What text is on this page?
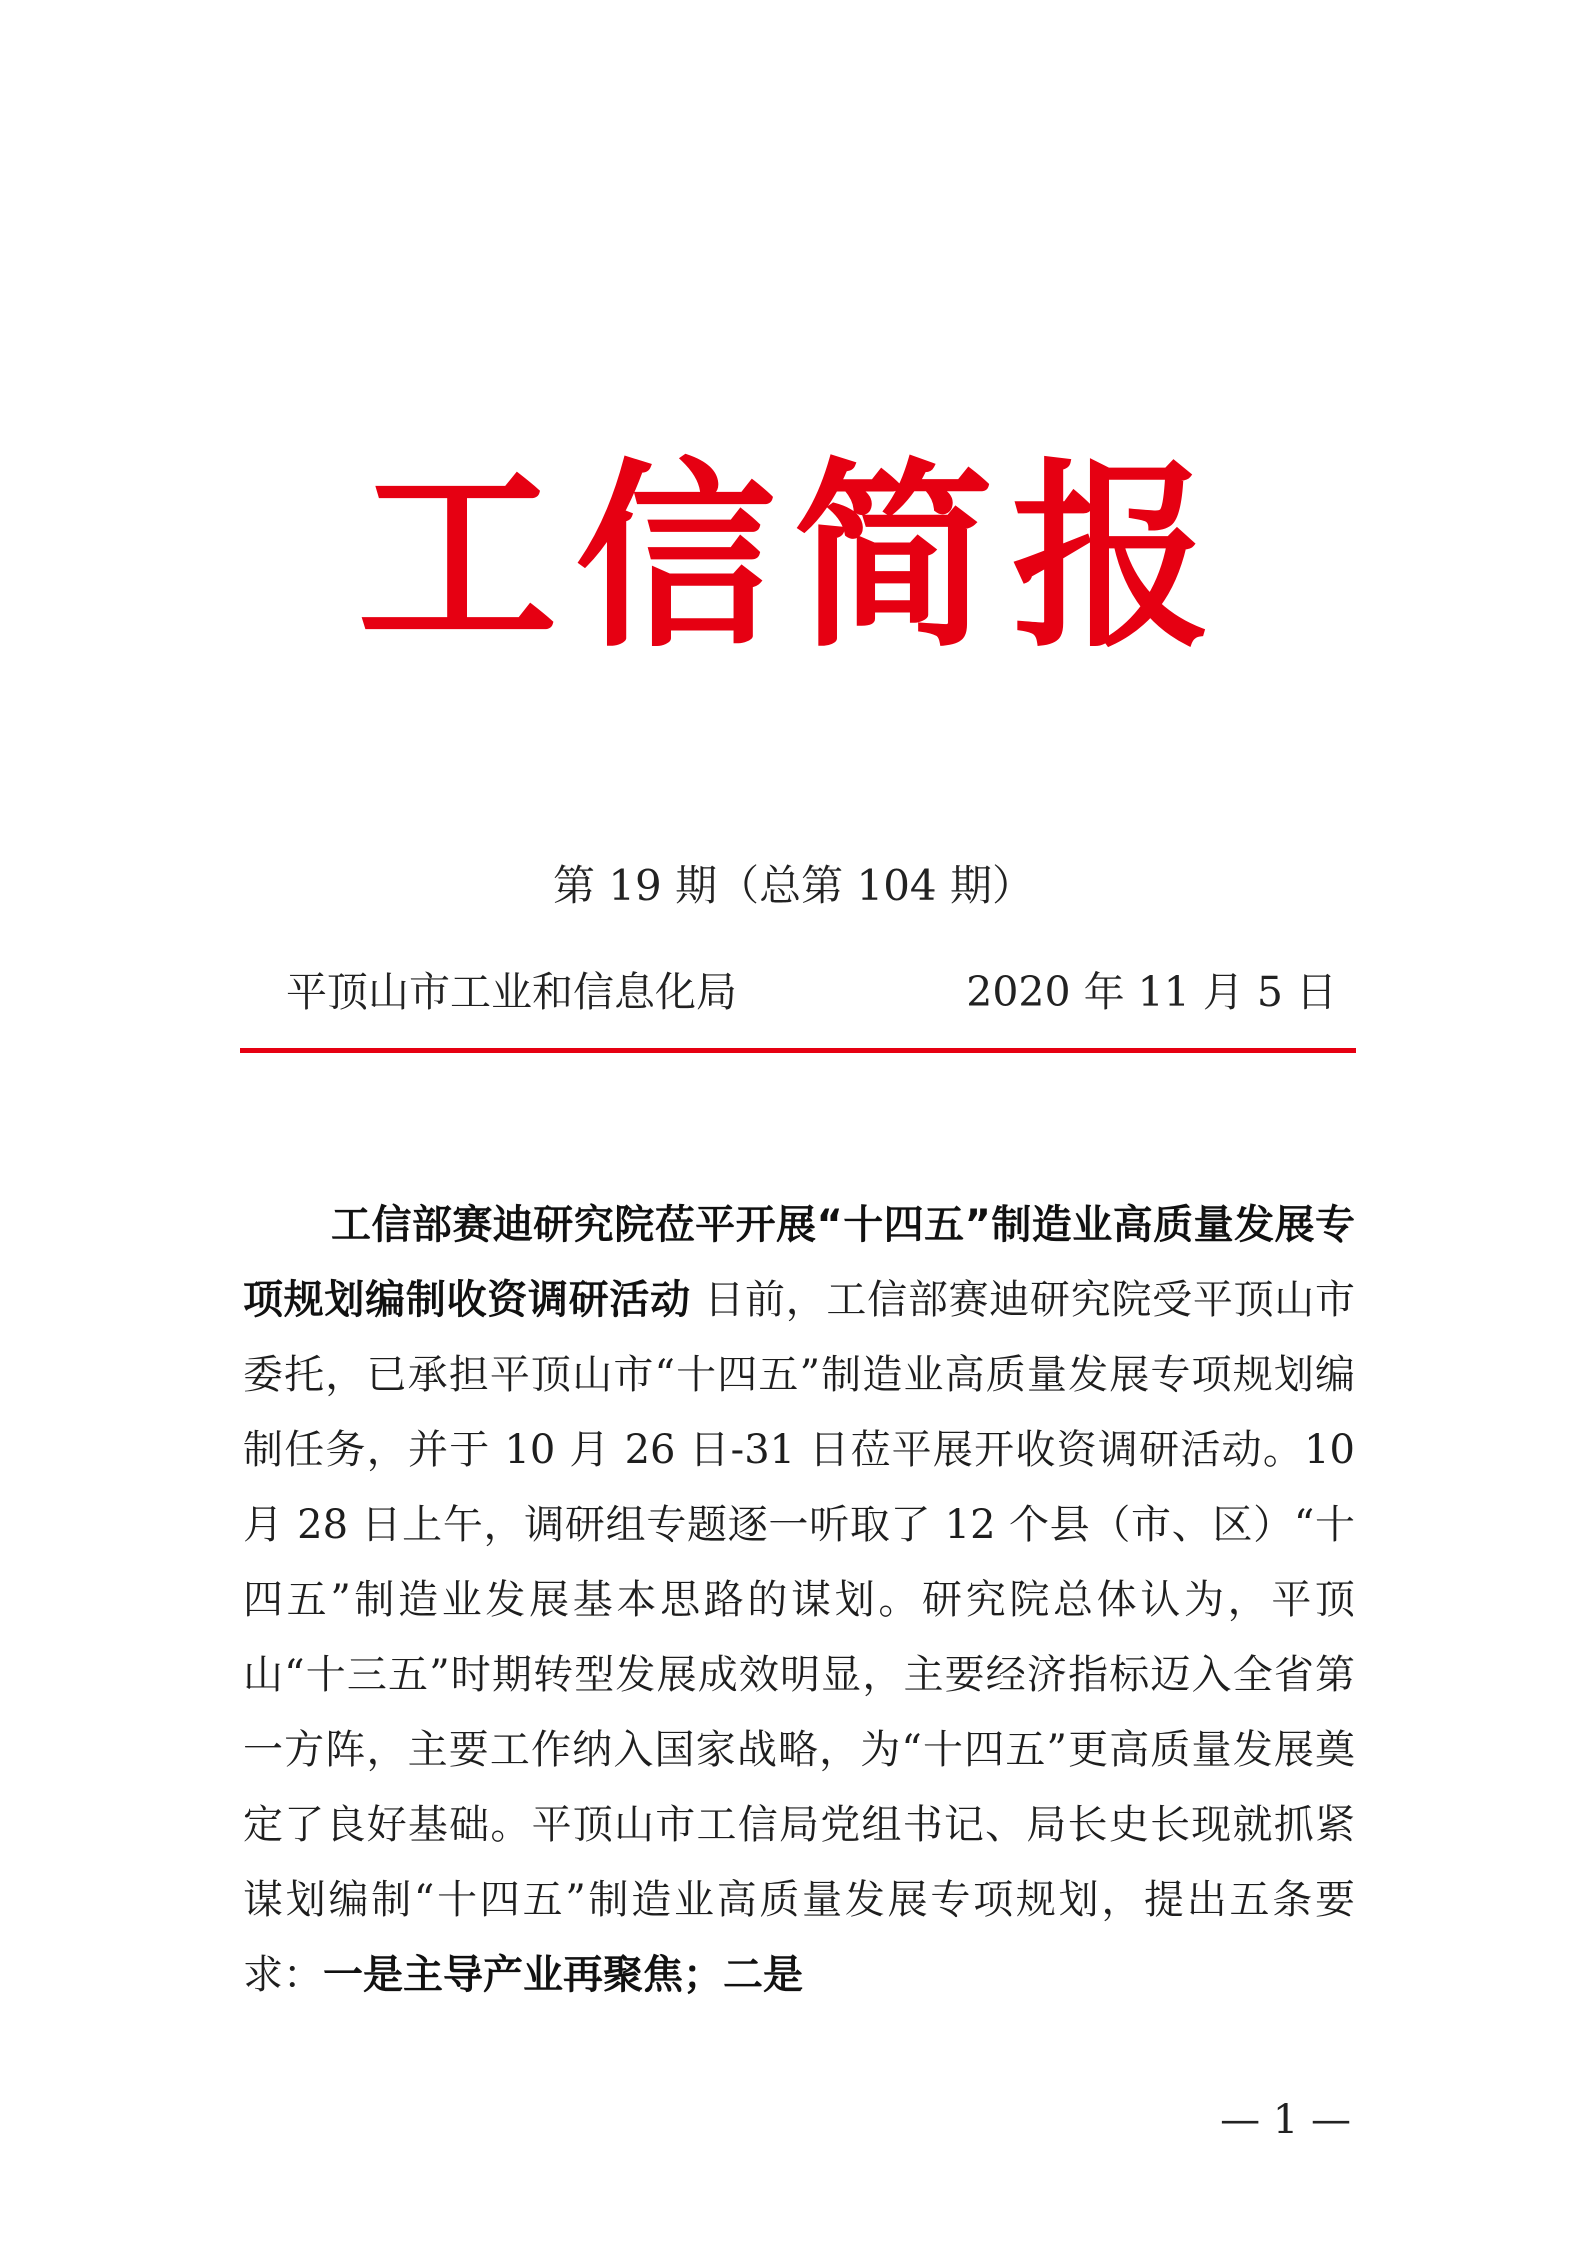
工信简报
第 19 期（总第 104 期）
平顶山市工业和信息化局	2020 年 11 月 5 日

工信部赛迪研究院莅平开展“十四五”制造业高质量发展专项规划编制收资调研活动 日前，工信部赛迪研究院受平顶山市委托，已承担平顶山市“十四五”制造业高质量发展专项规划编制任务，并于 10 月 26 日-31 日莅平展开收资调研活动。10 月 28 日上午，调研组专题逐一听取了 12 个县（市、区）“十四五”制造业发展基本思路的谋划。研究院总体认为，平顶山“十三五”时期转型发展成效明显，主要经济指标迈入全省第一方阵，主要工作纳入国家战略，为“十四五”更高质量发展奠定了良好基础。平顶山市工信局党组书记、局长史长现就抓紧谋划编制“十四五”制造业高质量发展专项规划，提出五条要求：一是主导产业再聚焦；二是

— 1 —
